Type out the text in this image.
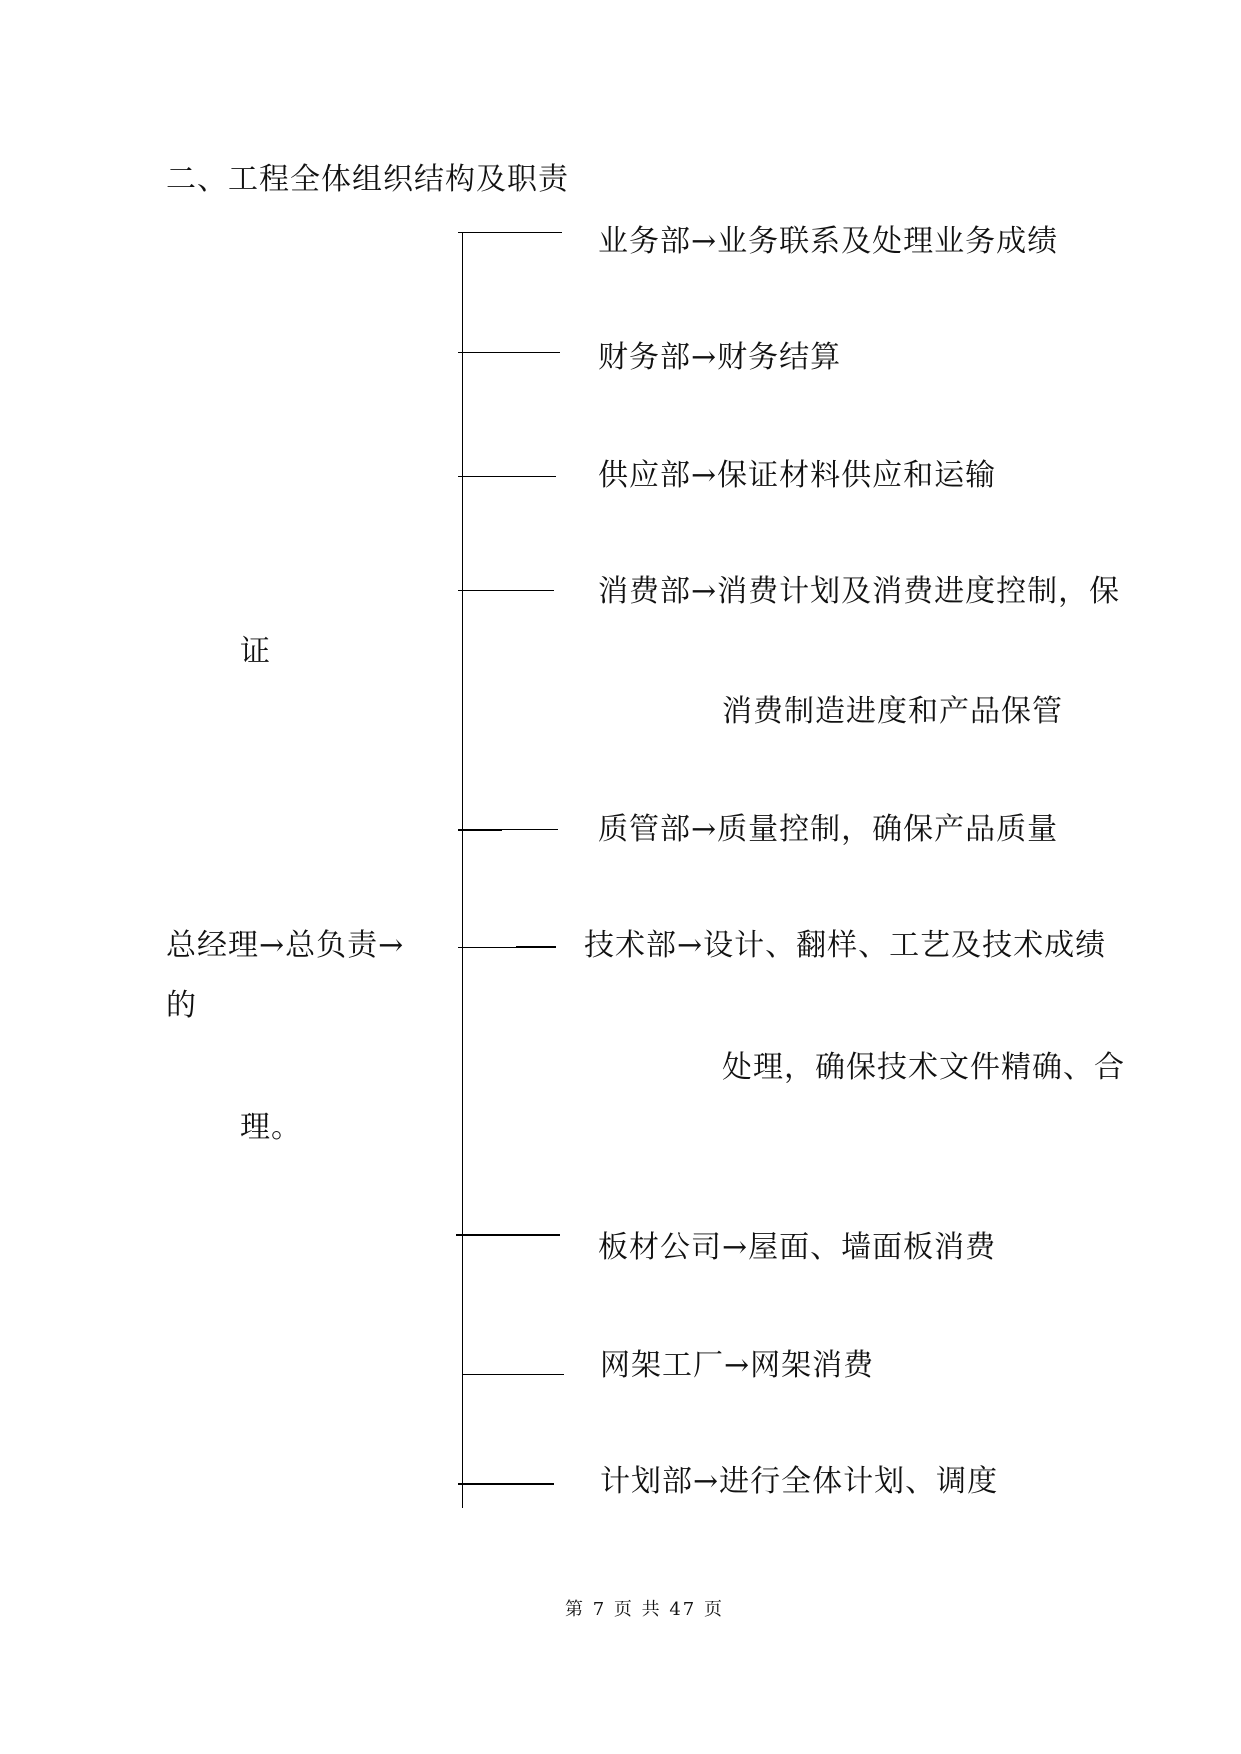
二、工程全体组织结构及职责
业务部→业务联系及处理业务成绩
财务部→财务结算
供应部→保证材料供应和运输
消费部→消费计划及消费进度控制，保
消费制造进度和产品保管
质管部→质量控制，确保产品质量
技术部→设计、翻样、工艺及技术成绩
处理，确保技术文件精确、合
板材公司→屋面、墙面板消费
网架工厂→网架消费
计划部→进行全体计划、调度
证
总经理→总负责→
的
理。
第 7 页 共 47 页
